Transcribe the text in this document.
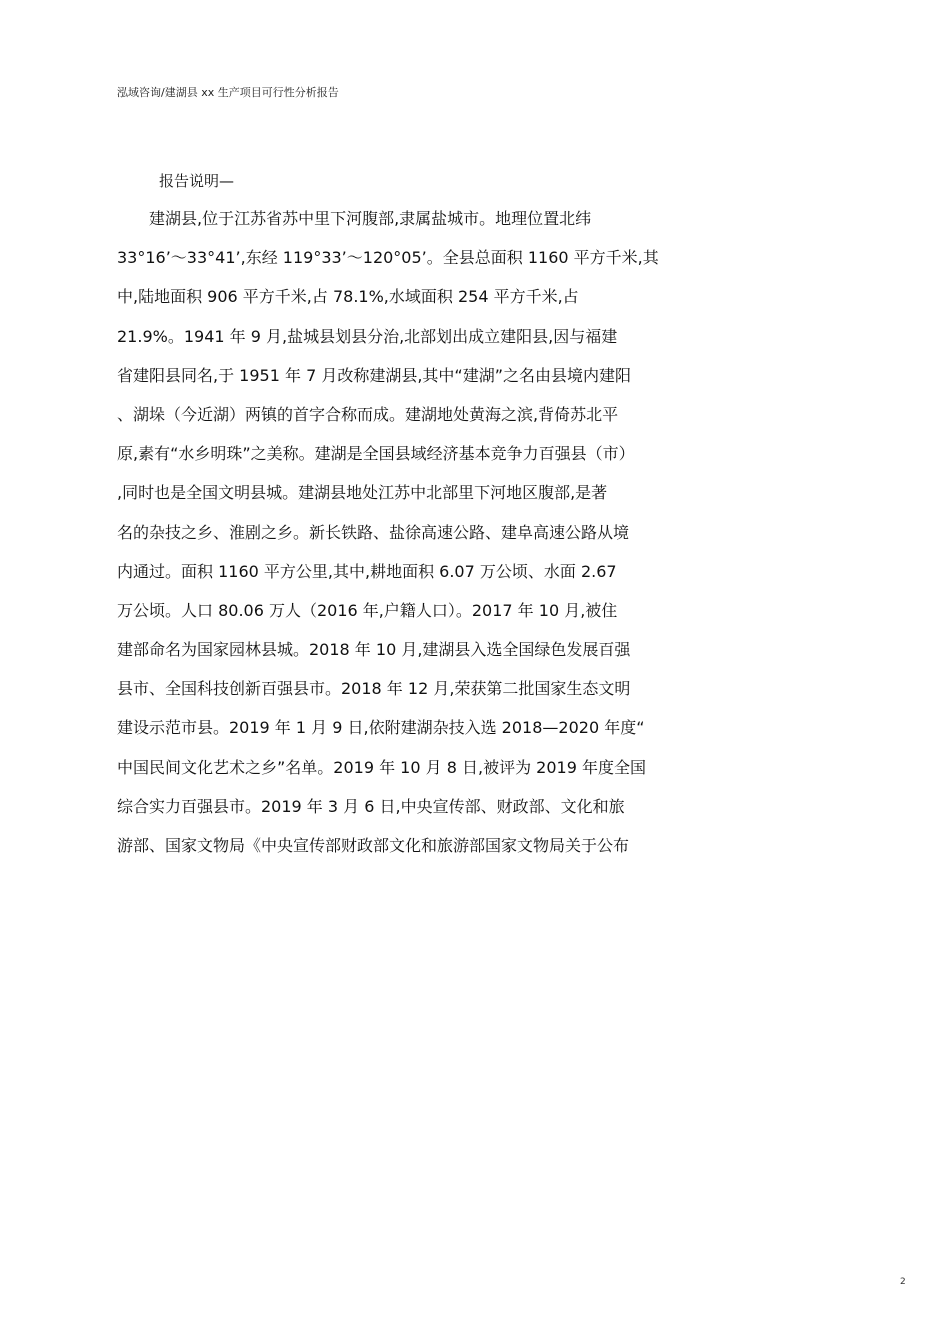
泓域咨询/建湖县 xx 生产项目可行性分析报告
报告说明—
建湖县,位于江苏省苏中里下河腹部,隶属盐城市。地理位置北纬
33°16’～33°41’,东经 119°33’～120°05’。全县总面积 1160 平方千米,其
中,陆地面积 906 平方千米,占 78.1%,水域面积 254 平方千米,占
21.9%。1941 年 9 月,盐城县划县分治,北部划出成立建阳县,因与福建
省建阳县同名,于 1951 年 7 月改称建湖县,其中“建湖”之名由县境内建阳
、湖垛（今近湖）两镇的首字合称而成。建湖地处黄海之滨,背倚苏北平
原,素有“水乡明珠”之美称。建湖是全国县域经济基本竞争力百强县（市）
,同时也是全国文明县城。建湖县地处江苏中北部里下河地区腹部,是著
名的杂技之乡、淮剧之乡。新长铁路、盐徐高速公路、建阜高速公路从境
内通过。面积 1160 平方公里,其中,耕地面积 6.07 万公顷、水面 2.67
万公顷。人口 80.06 万人（2016 年,户籍人口）。2017 年 10 月,被住
建部命名为国家园林县城。2018 年 10 月,建湖县入选全国绿色发展百强
县市、全国科技创新百强县市。2018 年 12 月,荣获第二批国家生态文明
建设示范市县。2019 年 1 月 9 日,依附建湖杂技入选 2018—2020 年度“
中国民间文化艺术之乡”名单。2019 年 10 月 8 日,被评为 2019 年度全国
综合实力百强县市。2019 年 3 月 6 日,中央宣传部、财政部、文化和旅
游部、国家文物局《中央宣传部财政部文化和旅游部国家文物局关于公布
2
